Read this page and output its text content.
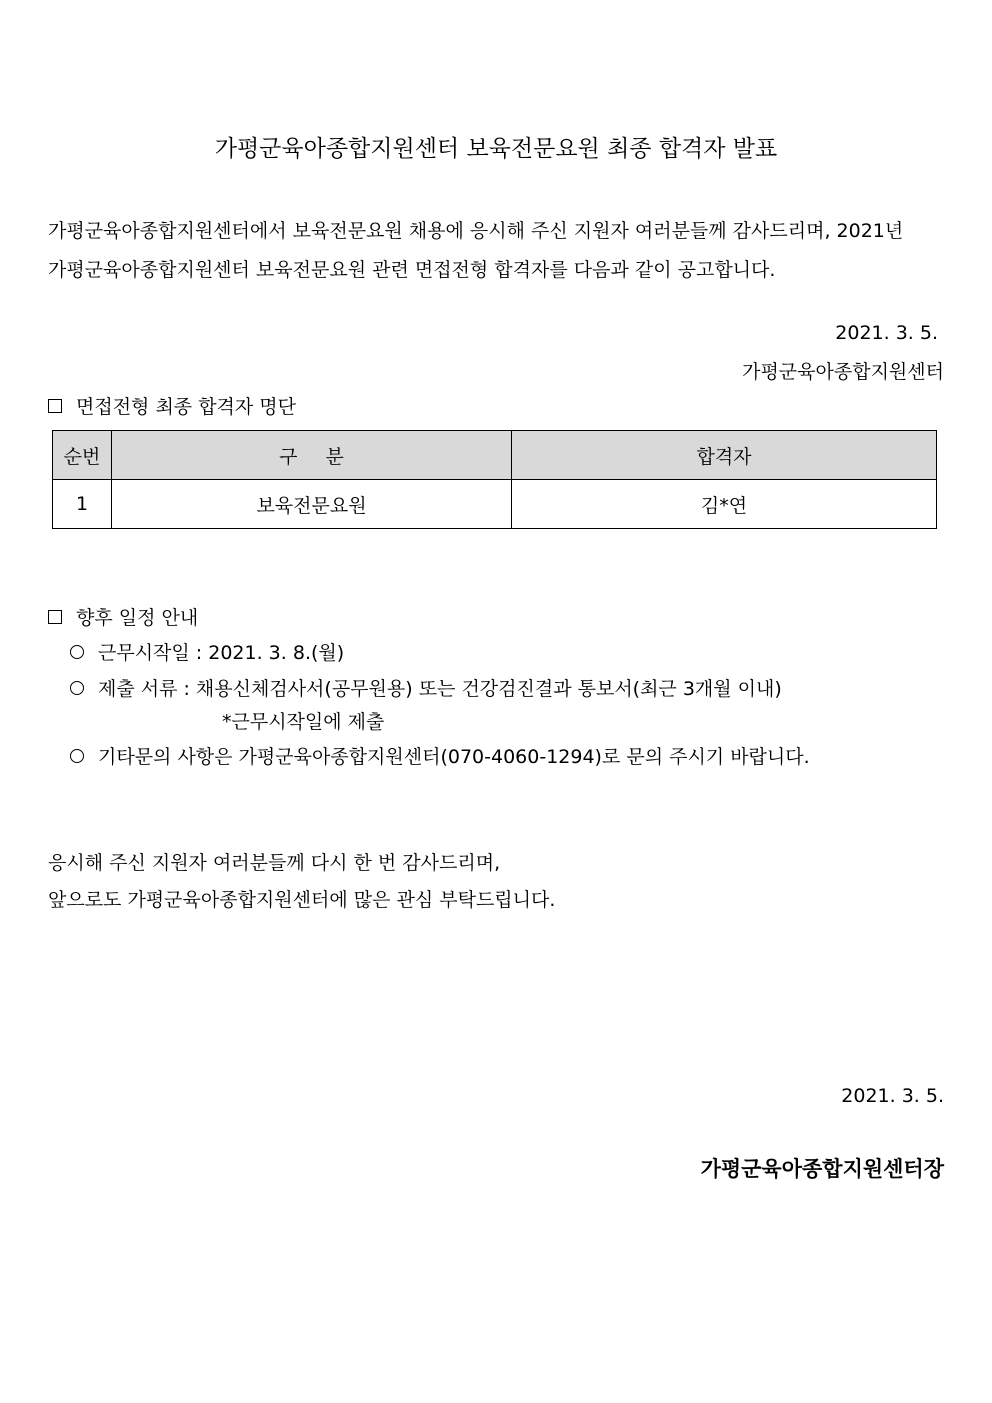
가평군육아종합지원센터 보육전문요원 최종 합격자 발표
가평군육아종합지원센터에서 보육전문요원 채용에 응시해 주신 지원자 여러분들께 감사드리며, 2021년
가평군육아종합지원센터 보육전문요원 관련 면접전형 합격자를 다음과 같이 공고합니다.
2021. 3. 5.
가평군육아종합지원센터
면접전형 최종 합격자 명단
순번	구 분	합격자
1	보육전문요원	김*연
향후 일정 안내
근무시작일 : 2021. 3. 8.(월)
제출 서류 : 채용신체검사서(공무원용) 또는 건강검진결과 통보서(최근 3개월 이내)
*근무시작일에 제출
기타문의 사항은 가평군육아종합지원센터(070-4060-1294)로 문의 주시기 바랍니다.
응시해 주신 지원자 여러분들께 다시 한 번 감사드리며,
앞으로도 가평군육아종합지원센터에 많은 관심 부탁드립니다.
2021. 3. 5.
가평군육아종합지원센터장
